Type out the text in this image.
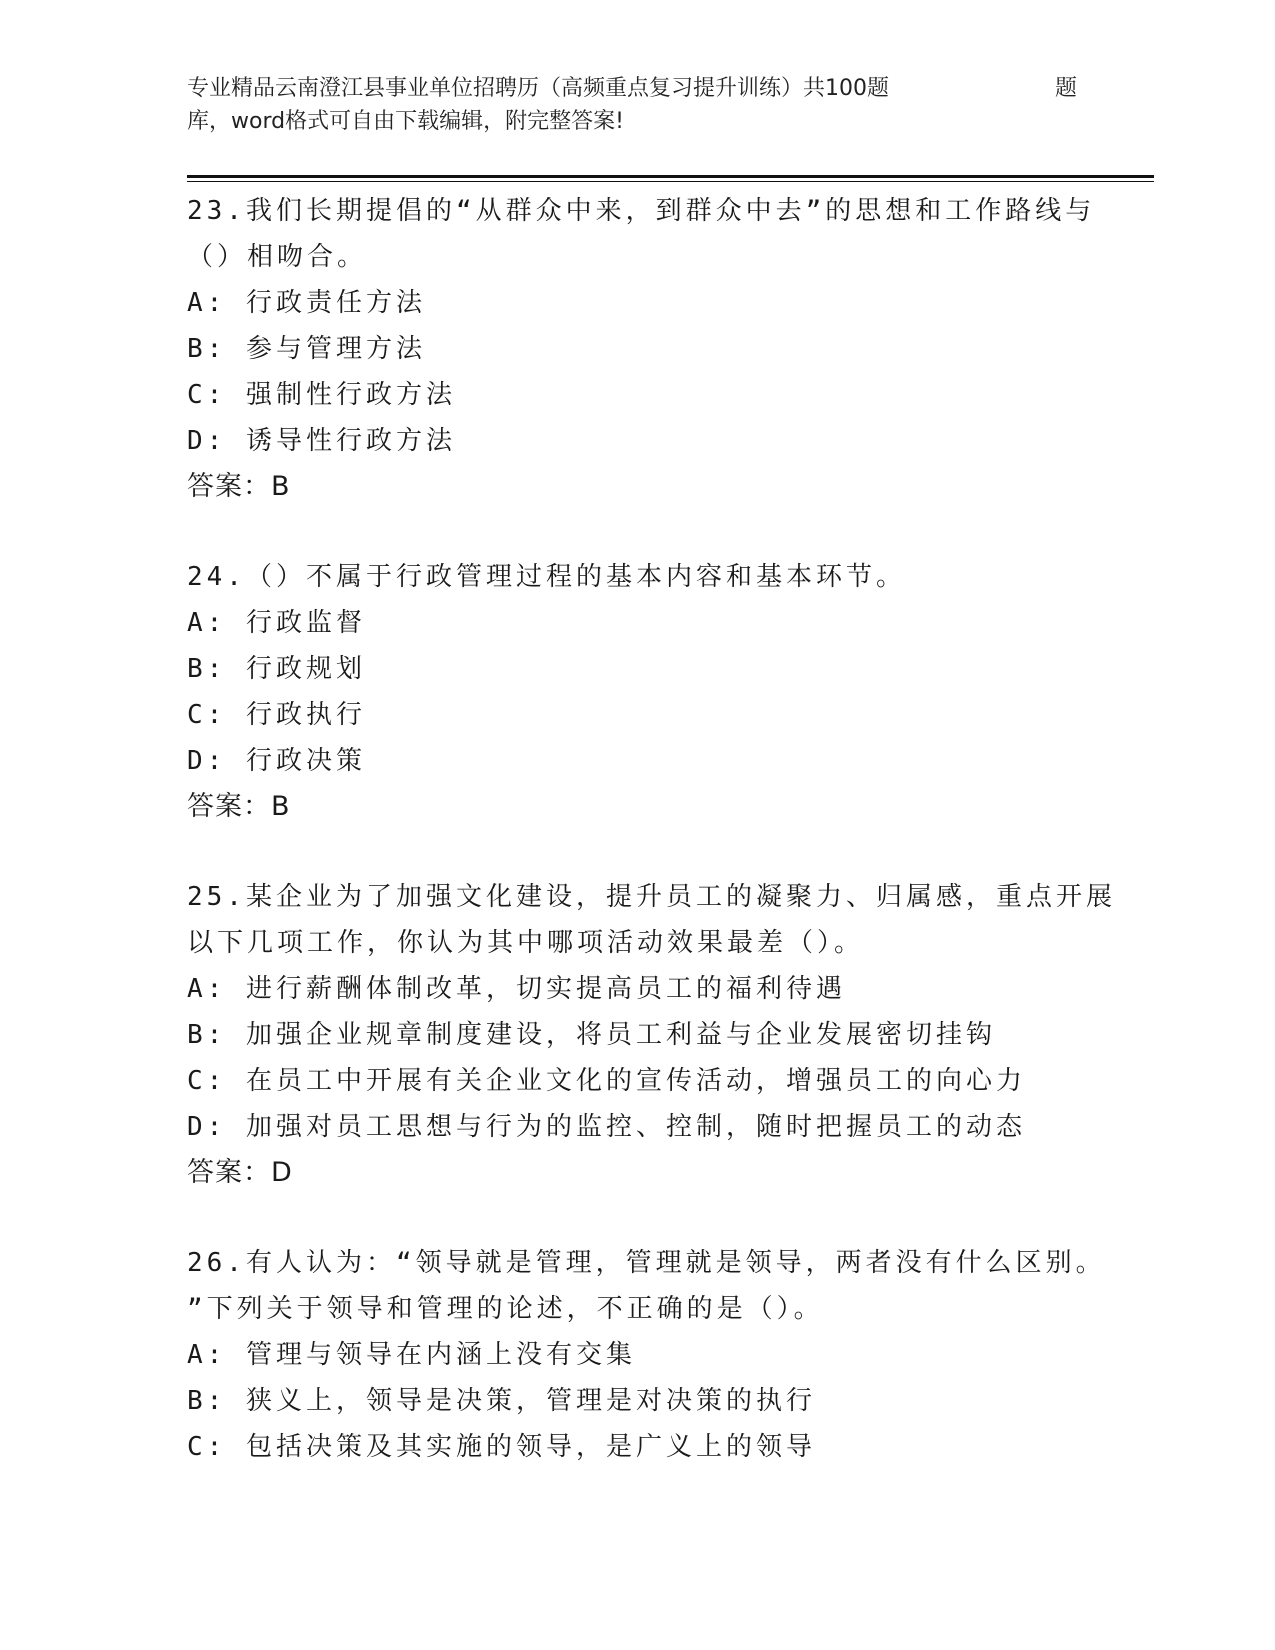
专业精品云南澄江县事业单位招聘历（高频重点复习提升训练）共100题	题
库，word格式可自由下载编辑，附完整答案!
23.我们长期提倡的“从群众中来，到群众中去”的思想和工作路线与
（）相吻合。
A: 行政责任方法
B: 参与管理方法
C: 强制性行政方法
D: 诱导性行政方法
答案：B
24.（）不属于行政管理过程的基本内容和基本环节。
A: 行政监督
B: 行政规划
C: 行政执行
D: 行政决策
答案：B
25.某企业为了加强文化建设，提升员工的凝聚力、归属感，重点开展
以下几项工作，你认为其中哪项活动效果最差（）。
A: 进行薪酬体制改革，切实提高员工的福利待遇
B: 加强企业规章制度建设，将员工利益与企业发展密切挂钩
C: 在员工中开展有关企业文化的宣传活动，增强员工的向心力
D: 加强对员工思想与行为的监控、控制，随时把握员工的动态
答案：D
26.有人认为：“领导就是管理，管理就是领导，两者没有什么区别。
”下列关于领导和管理的论述，不正确的是（）。
A: 管理与领导在内涵上没有交集
B: 狭义上，领导是决策，管理是对决策的执行
C: 包括决策及其实施的领导，是广义上的领导
